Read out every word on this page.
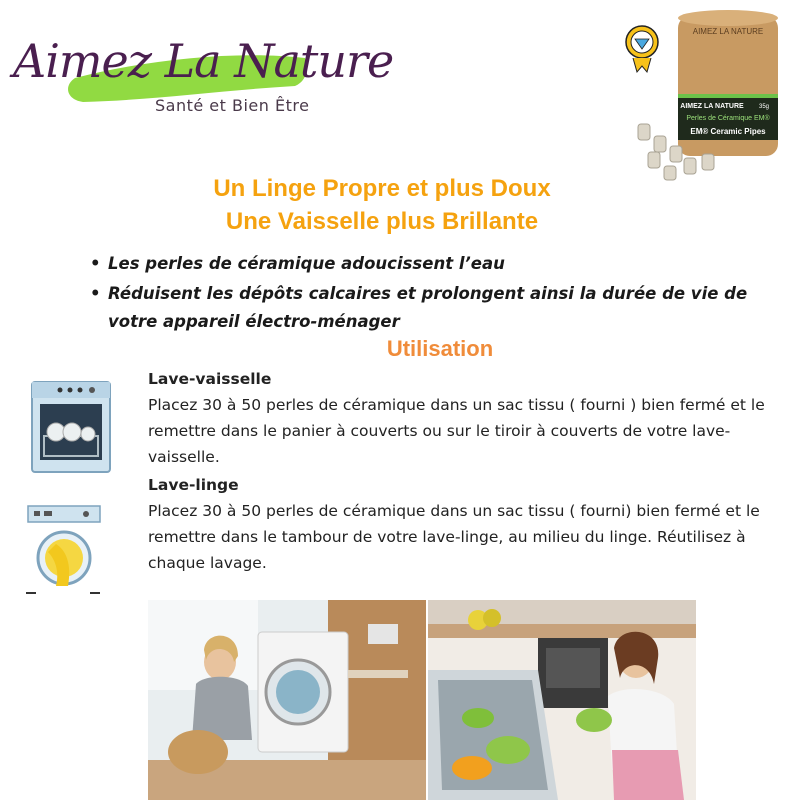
Aimez La Nature
Santé et Bien Être
AIMEZ LA NATURE
AIMEZ LA NATURE	35g
Perles de Céramique EM®
EM® Ceramic Pipes
Un Linge Propre et plus Doux
Une Vaisselle plus Brillante
• Les perles de céramique adoucissent l’eau
• Réduisent les dépôts calcaires et prolongent ainsi la durée de vie de votre appareil électro-ménager
Utilisation
Lave-vaisselle
Placez 30 à 50 perles de céramique dans un sac tissu ( fourni ) bien fermé et le remettre dans le panier à couverts ou sur le tiroir à couverts de votre lave-vaisselle.
Lave-linge
Placez 30 à 50 perles de céramique dans un sac tissu ( fourni) bien fermé et le remettre dans le tambour de votre lave-linge, au milieu du linge. Réutilisez à chaque lavage.
